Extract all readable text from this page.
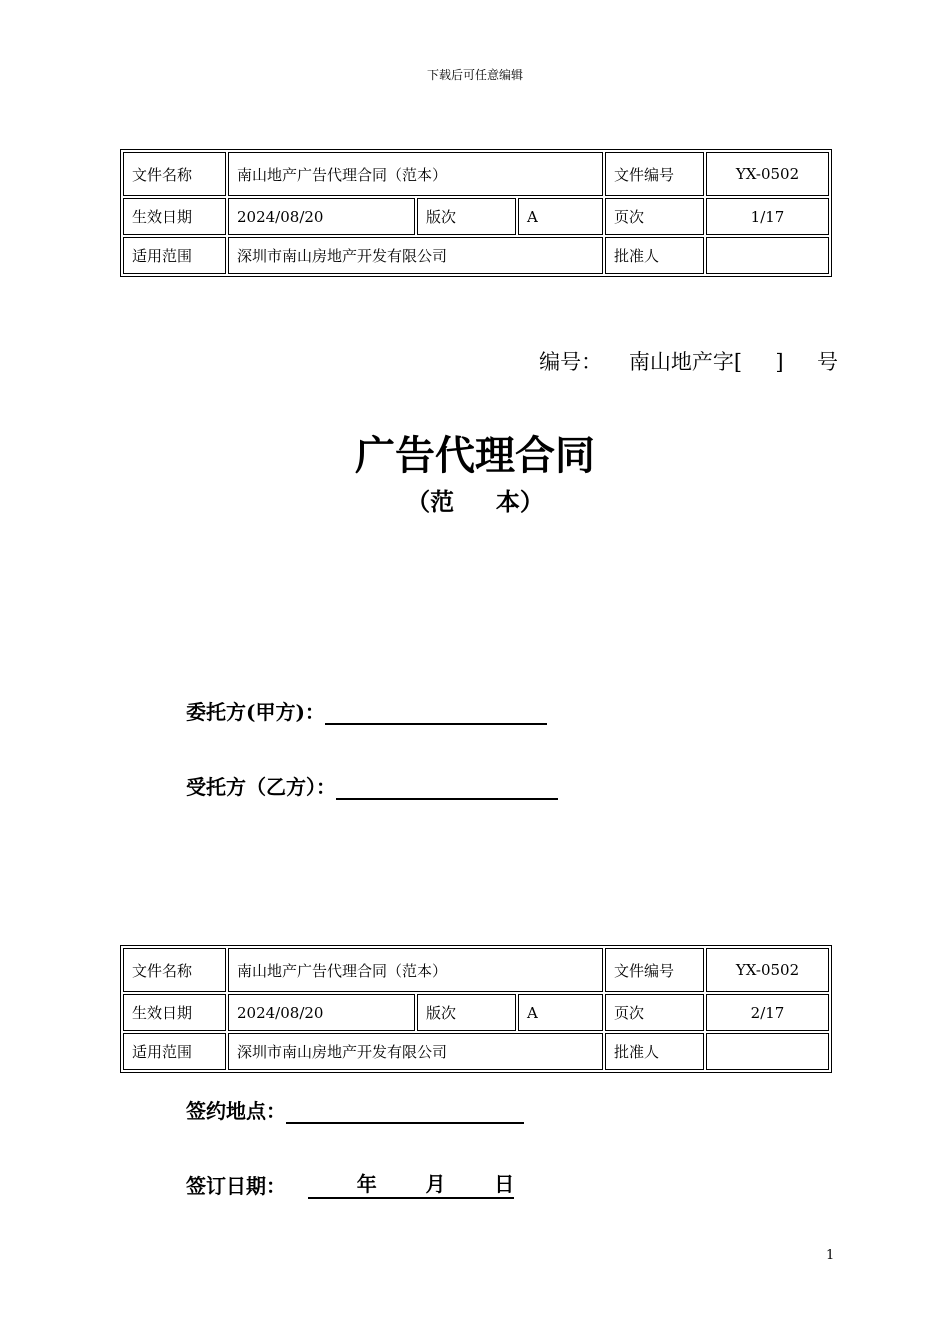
下载后可任意编辑
文件名称	南山地产广告代理合同（范本）			文件编号	YX-0502
生效日期	2024/08/20	版次	A	页次	1/17
适用范围	深圳市南山房地产开发有限公司			批准人	
编号：    南山地产字[     ]     号
广告代理合同
（范     本）
委托方(甲方)：
受托方（乙方）：
文件名称	南山地产广告代理合同（范本）			文件编号	YX-0502
生效日期	2024/08/20	版次	A	页次	2/17
适用范围	深圳市南山房地产开发有限公司			批准人	
签约地点：
签订日期： 年       月       日
1
